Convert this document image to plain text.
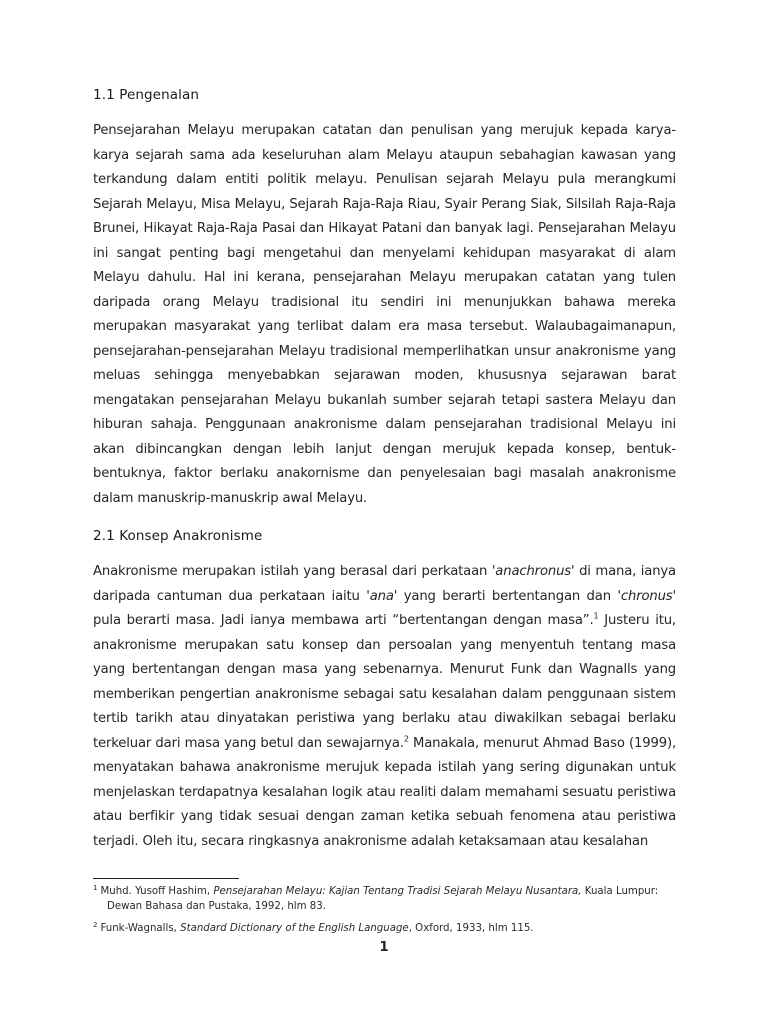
1.1 Pengenalan

Pensejarahan Melayu merupakan catatan dan penulisan yang merujuk kepada karya-karya sejarah sama ada keseluruhan alam Melayu ataupun sebahagian kawasan yang terkandung dalam entiti politik melayu. Penulisan sejarah Melayu pula merangkumi Sejarah Melayu, Misa Melayu, Sejarah Raja-Raja Riau, Syair Perang Siak, Silsilah Raja-Raja Brunei, Hikayat Raja-Raja Pasai dan Hikayat Patani dan banyak lagi. Pensejarahan Melayu ini sangat penting bagi mengetahui dan menyelami kehidupan masyarakat di alam Melayu dahulu. Hal ini kerana, pensejarahan Melayu merupakan catatan yang tulen daripada orang Melayu tradisional itu sendiri ini menunjukkan bahawa mereka merupakan masyarakat yang terlibat dalam era masa tersebut. Walaubagaimanapun, pensejarahan-pensejarahan Melayu tradisional memperlihatkan unsur anakronisme yang meluas sehingga menyebabkan sejarawan moden, khususnya sejarawan barat mengatakan pensejarahan Melayu bukanlah sumber sejarah tetapi sastera Melayu dan hiburan sahaja. Penggunaan anakronisme dalam pensejarahan tradisional Melayu ini akan dibincangkan dengan lebih lanjut dengan merujuk kepada konsep, bentuk-bentuknya, faktor berlaku anakornisme dan penyelesaian bagi masalah anakronisme dalam manuskrip-manuskrip awal Melayu.

2.1 Konsep Anakronisme

Anakronisme merupakan istilah yang berasal dari perkataan 'anachronus' di mana, ianya daripada cantuman dua perkataan iaitu 'ana' yang berarti bertentangan dan 'chronus' pula berarti masa. Jadi ianya membawa arti “bertentangan dengan masa”.$^1$ Justeru itu, anakronisme merupakan satu konsep dan persoalan yang menyentuh tentang masa yang bertentangan dengan masa yang sebenarnya. Menurut Funk dan Wagnalls yang memberikan pengertian anakronisme sebagai satu kesalahan dalam penggunaan sistem tertib tarikh atau dinyatakan peristiwa yang berlaku atau diwakilkan sebagai berlaku terkeluar dari masa yang betul dan sewajarnya.$^2$ Manakala, menurut Ahmad Baso (1999), menyatakan bahawa anakronisme merujuk kepada istilah yang sering digunakan untuk menjelaskan terdapatnya kesalahan logik atau realiti dalam memahami sesuatu peristiwa atau berfikir yang tidak sesuai dengan zaman ketika sebuah fenomena atau peristiwa terjadi. Oleh itu, secara ringkasnya anakronisme adalah ketaksamaan atau kesalahan

$^1$ Muhd. Yusoff Hashim, Pensejarahan Melayu: Kajian Tentang Tradisi Sejarah Melayu Nusantara, Kuala Lumpur:
Dewan Bahasa dan Pustaka, 1992, hlm 83.

$^2$ Funk-Wagnalls, Standard Dictionary of the English Language, Oxford, 1933, hlm 115.

1
